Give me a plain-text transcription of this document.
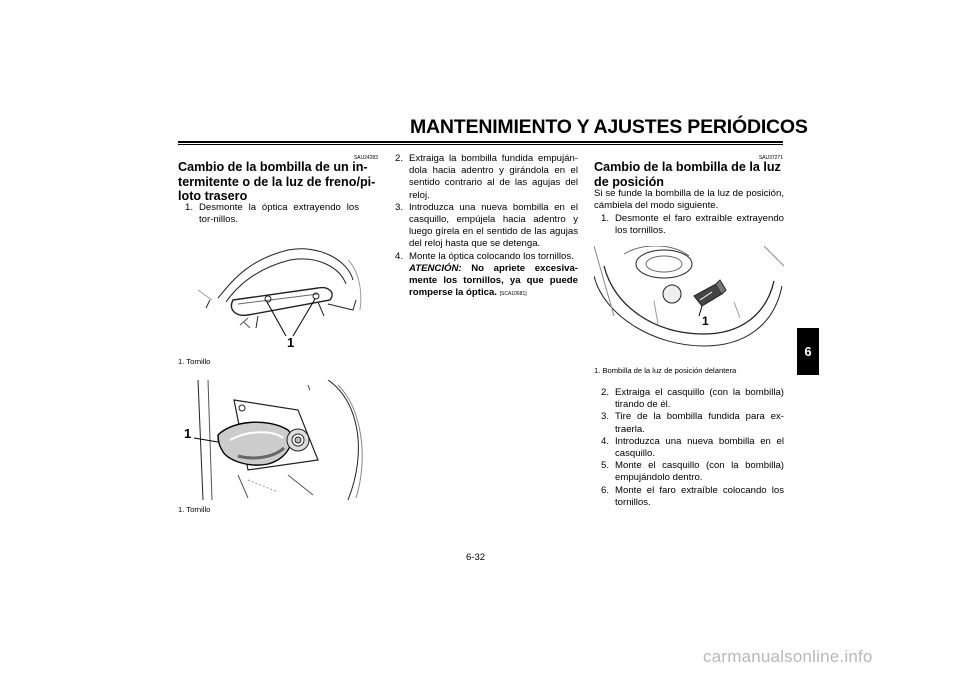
MANTENIMIENTO Y AJUSTES PERIÓDICOS
6
SAU24283
Cambio de la bombilla de un in-
termitente o de la luz de freno/pi-
loto trasero
1. Desmonte la óptica extrayendo los tor-nillos.
1
1. Tornillo
1
1. Tornillo
2. Extraiga la bombilla fundida empuján-dola hacia adentro y girándola en el sentido contrario al de las agujas del reloj.
3. Introduzca una nueva bombilla en el casquillo, empújela hacia adentro y luego gírela en el sentido de las agujas del reloj hasta que se detenga.
4. Monte la óptica colocando los tornillos.
ATENCIÓN: No apriete excesiva-mente los tornillos, ya que puede romperse la óptica. [SCA10681]
SAU37271
Cambio de la bombilla de la luz
de posición
Si se funde la bombilla de la luz de posición, cámbiela del modo siguiente.
1. Desmonte el faro extraíble extrayendo los tornillos.
1
1. Bombilla de la luz de posición delantera
2. Extraiga el casquillo (con la bombilla) tirando de él.
3. Tire de la bombilla fundida para ex-traerla.
4. Introduzca una nueva bombilla en el casquillo.
5. Monte el casquillo (con la bombilla) empujándolo dentro.
6. Monte el faro extraíble colocando los tornillos.
6-32
carmanualsonline.info
